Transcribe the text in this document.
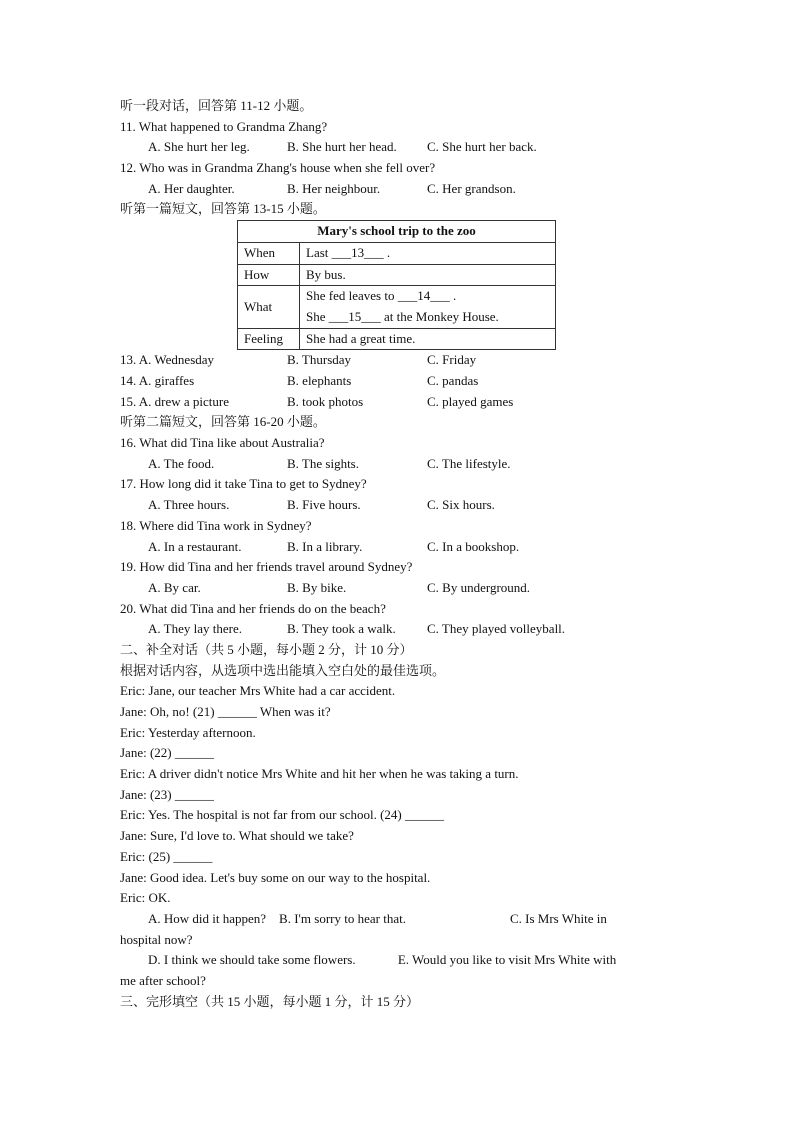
听一段对话，回答第 11-12 小题。
11. What happened to Grandma Zhang?
A. She hurt her leg.	B. She hurt her head. C. She hurt her back.
12. Who was in Grandma Zhang's house when she fell over?
A. Her daughter.	B. Her neighbour.	C. Her grandson.
听第一篇短文，回答第 13-15 小题。
Mary's school trip to the zoo	
When	Last ___13___ .
How	By bus.
What	She fed leaves to ___14___ .
She ___15___ at the Monkey House.

Feeling	She had a great time.
13. A. Wednesday	B. Thursday	C. Friday
14. A. giraffes	B. elephants	C. pandas
15. A. drew a picture	B. took photos	C. played games
听第二篇短文，回答第 16-20 小题。
16. What did Tina like about Australia?
A. The food.	B. The sights.	C. The lifestyle.
17. How long did it take Tina to get to Sydney?
A. Three hours.	B. Five hours.	C. Six hours.
18. Where did Tina work in Sydney?
A. In a restaurant.	B. In a library.	C. In a bookshop.
19. How did Tina and her friends travel around Sydney?
A. By car.	B. By bike.	C. By underground.
20. What did Tina and her friends do on the beach?
A. They lay there.	B. They took a walk. C. They played volleyball.
二、补全对话（共 5 小题，每小题 2 分，计 10 分）
根据对话内容，从选项中选出能填入空白处的最佳选项。
Eric: Jane, our teacher Mrs White had a car accident.
Jane: Oh, no! (21) ______ When was it?
Eric: Yesterday afternoon.
Jane: (22) ______
Eric: A driver didn't notice Mrs White and hit her when he was taking a turn.
Jane: (23) ______
Eric: Yes. The hospital is not far from our school. (24) ______
Jane: Sure, I'd love to. What should we take?
Eric: (25) ______
Jane: Good idea. Let's buy some on our way to the hospital.
Eric: OK.
A. How did it happen?    B. I'm sorry to hear that.                                C. Is Mrs White in
hospital now?
D. I think we should take some flowers.             E. Would you like to visit Mrs White with
me after school?
三、完形填空（共 15 小题，每小题 1 分，计 15 分）
